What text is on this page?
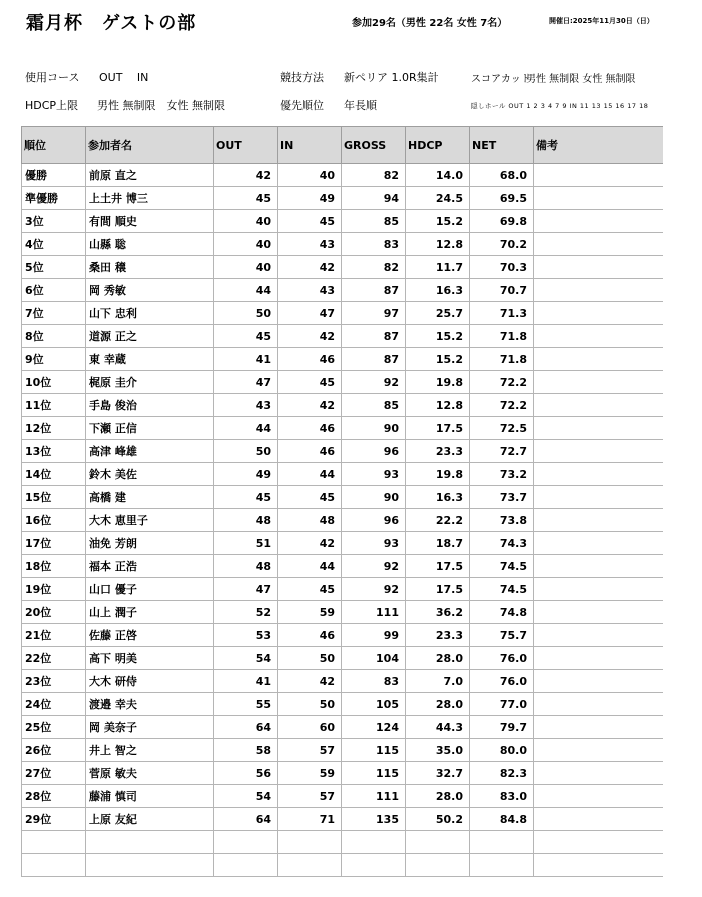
霜月杯　ゲストの部	参加29名（男性 22名 女性 7名）	開催日:2025年11月30日（日）
使用コース OUT　 IN	競技方法 新ペリア 1.0R集計	スコアカット
男性 無制限 女性 無制限
HDCP上限 男性 無制限　女性 無制限	優先順位 年長順	隠しホール OUT 1 2 3 4 7 9 IN 11 13 15 16 17 18
順位	参加者名	OUT	IN	GROSS	HDCP	NET	備考
優勝	前原 直之	42	40	82	14.0	68.0	
準優勝	上土井 博三	45	49	94	24.5	69.5	
3位	有間 順史	40	45	85	15.2	69.8	
4位	山縣 聡	40	43	83	12.8	70.2	
5位	桑田 穣	40	42	82	11.7	70.3	
6位	岡 秀敏	44	43	87	16.3	70.7	
7位	山下 忠利	50	47	97	25.7	71.3	
8位	道源 正之	45	42	87	15.2	71.8	
9位	東 幸蔵	41	46	87	15.2	71.8	
10位	梶原 圭介	47	45	92	19.8	72.2	
11位	手島 俊治	43	42	85	12.8	72.2	
12位	下瀬 正信	44	46	90	17.5	72.5	
13位	高津 峰雄	50	46	96	23.3	72.7	
14位	鈴木 美佐	49	44	93	19.8	73.2	
15位	高橋 建	45	45	90	16.3	73.7	
16位	大木 恵里子	48	48	96	22.2	73.8	
17位	油免 芳朗	51	42	93	18.7	74.3	
18位	福本 正浩	48	44	92	17.5	74.5	
19位	山口 優子	47	45	92	17.5	74.5	
20位	山上 潤子	52	59	111	36.2	74.8	
21位	佐藤 正啓	53	46	99	23.3	75.7	
22位	高下 明美	54	50	104	28.0	76.0	
23位	大木 研侍	41	42	83	7.0	76.0	
24位	渡邉 幸夫	55	50	105	28.0	77.0	
25位	岡 美奈子	64	60	124	44.3	79.7	
26位	井上 智之	58	57	115	35.0	80.0	
27位	菅原 敏夫	56	59	115	32.7	82.3	
28位	藤浦 慎司	54	57	111	28.0	83.0	
29位	上原 友紀	64	71	135	50.2	84.8	
